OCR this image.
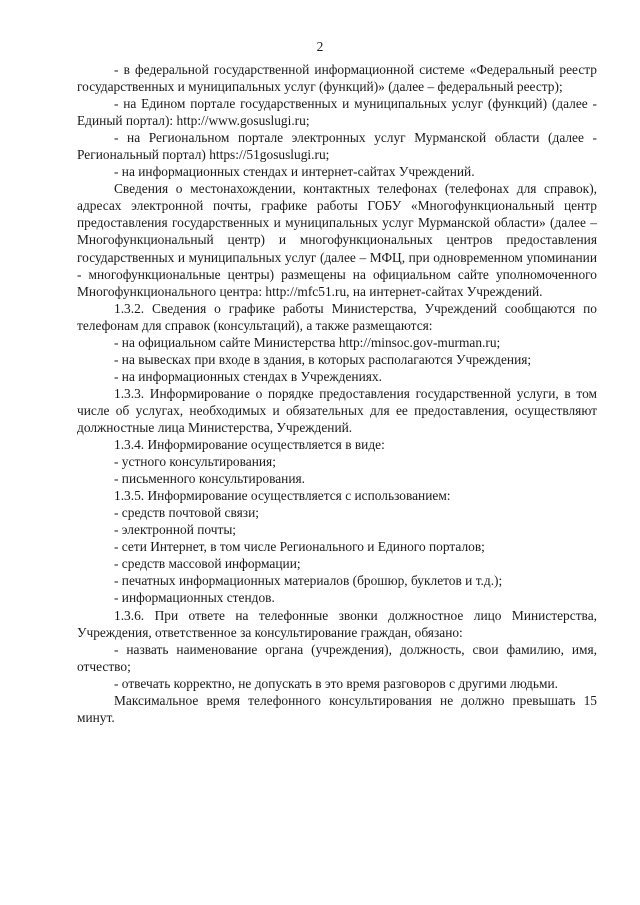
2

- в федеральной государственной информационной системе «Федеральный реестр государственных и муниципальных услуг (функций)» (далее – федеральный реестр);

- на Едином портале государственных и муниципальных услуг (функций) (далее - Единый портал): http://www.gosuslugi.ru;

- на Региональном портале электронных услуг Мурманской области (далее - Региональный портал) https://51gosuslugi.ru;

- на информационных стендах и интернет-сайтах Учреждений.

Сведения о местонахождении, контактных телефонах (телефонах для справок), адресах электронной почты, графике работы ГОБУ «Многофункциональный центр предоставления государственных и муниципальных услуг Мурманской области» (далее – Многофункциональный центр) и многофункциональных центров предоставления государственных и муниципальных услуг (далее – МФЦ, при одновременном упоминании - многофункциональные центры) размещены на официальном сайте уполномоченного Многофункционального центра: http://mfc51.ru, на интернет-сайтах Учреждений.

1.3.2. Сведения о графике работы Министерства, Учреждений сообщаются по телефонам для справок (консультаций), а также размещаются:

- на официальном сайте Министерства http://minsoc.gov-murman.ru;

- на вывесках при входе в здания, в которых располагаются Учреждения;

- на информационных стендах в Учреждениях.

1.3.3. Информирование о порядке предоставления государственной услуги, в том числе об услугах, необходимых и обязательных для ее предоставления, осуществляют должностные лица Министерства, Учреждений.

1.3.4. Информирование осуществляется в виде:

- устного консультирования;

- письменного консультирования.

1.3.5. Информирование осуществляется с использованием:

- средств почтовой связи;

- электронной почты;

- сети Интернет, в том числе Регионального и Единого порталов;

- средств массовой информации;

- печатных информационных материалов (брошюр, буклетов и т.д.);

- информационных стендов.

1.3.6. При ответе на телефонные звонки должностное лицо Министерства, Учреждения, ответственное за консультирование граждан, обязано:

- назвать наименование органа (учреждения), должность, свои фамилию, имя, отчество;

- отвечать корректно, не допускать в это время разговоров с другими людьми.

Максимальное время телефонного консультирования не должно превышать 15 минут.
